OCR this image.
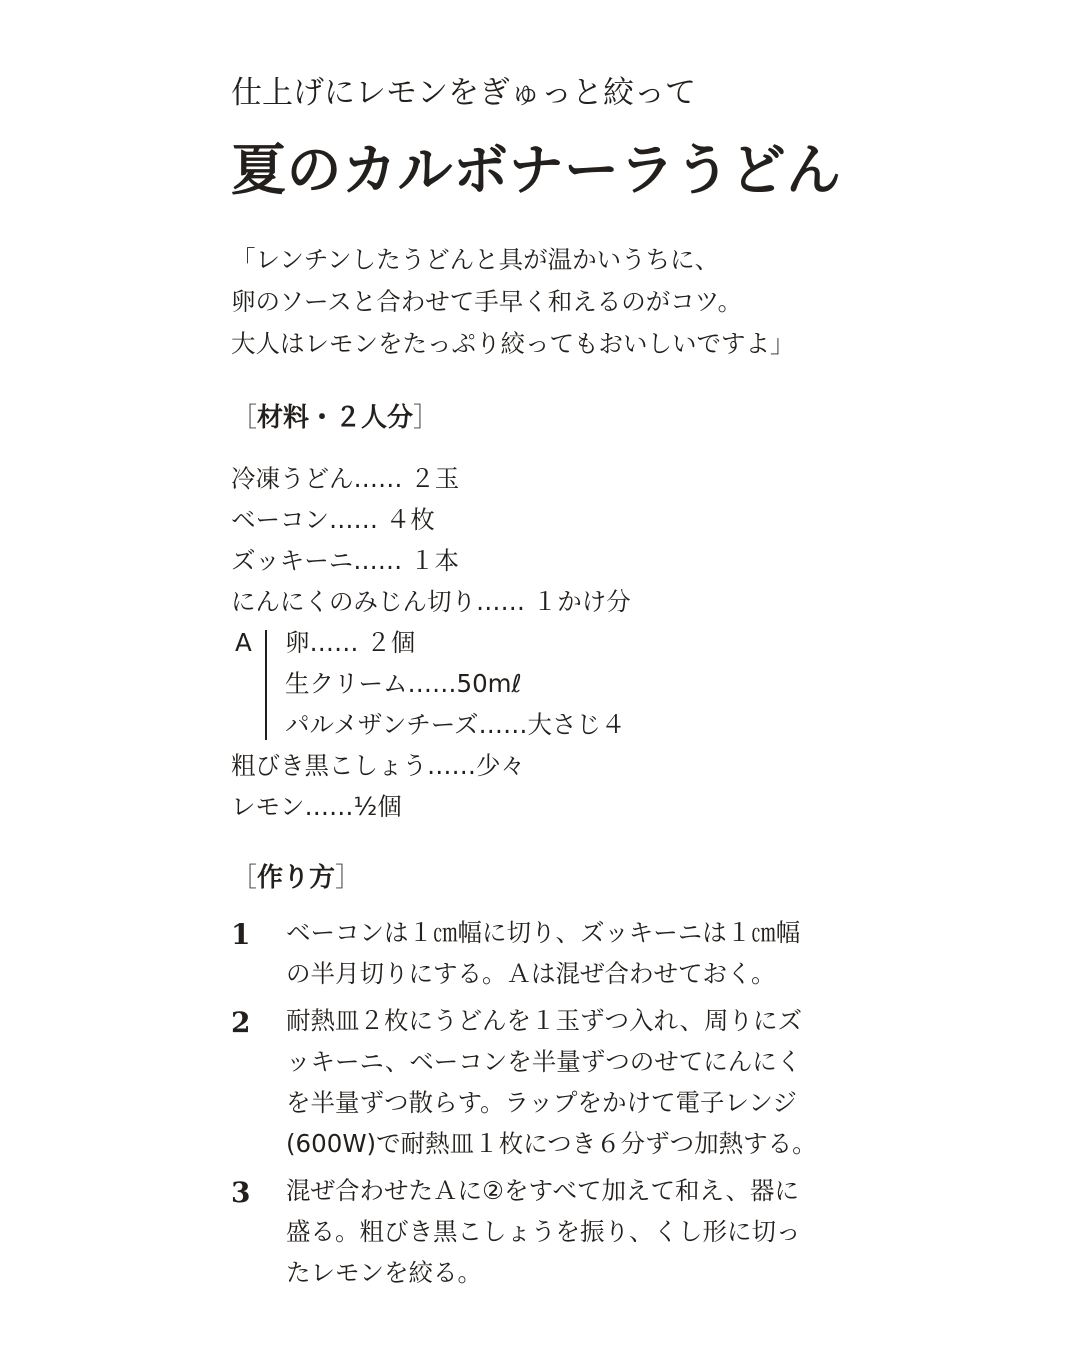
仕上げにレモンをぎゅっと絞って
夏のカルボナーラうどん
「レンチンしたうどんと具が温かいうちに、
卵のソースと合わせて手早く和えるのがコツ。
大人はレモンをたっぷり絞ってもおいしいですよ」
［材料・２人分］
冷凍うどん…… ２玉
ベーコン…… ４枚
ズッキーニ…… １本
にんにくのみじん切り…… １かけ分
A 卵…… ２個
生クリーム……50mℓ
パルメザンチーズ……大さじ４
粗びき黒こしょう……少々
レモン……½個
［作り方］
1 ベーコンは１㎝幅に切り、ズッキーニは１㎝幅
の半月切りにする。Ａは混ぜ合わせておく。
2 耐熱皿２枚にうどんを１玉ずつ入れ、周りにズ
ッキーニ、ベーコンを半量ずつのせてにんにく
を半量ずつ散らす。ラップをかけて電子レンジ
(600W)で耐熱皿１枚につき６分ずつ加熱する。
3 混ぜ合わせたＡに②をすべて加えて和え、器に
盛る。粗びき黒こしょうを振り、くし形に切っ
たレモンを絞る。
